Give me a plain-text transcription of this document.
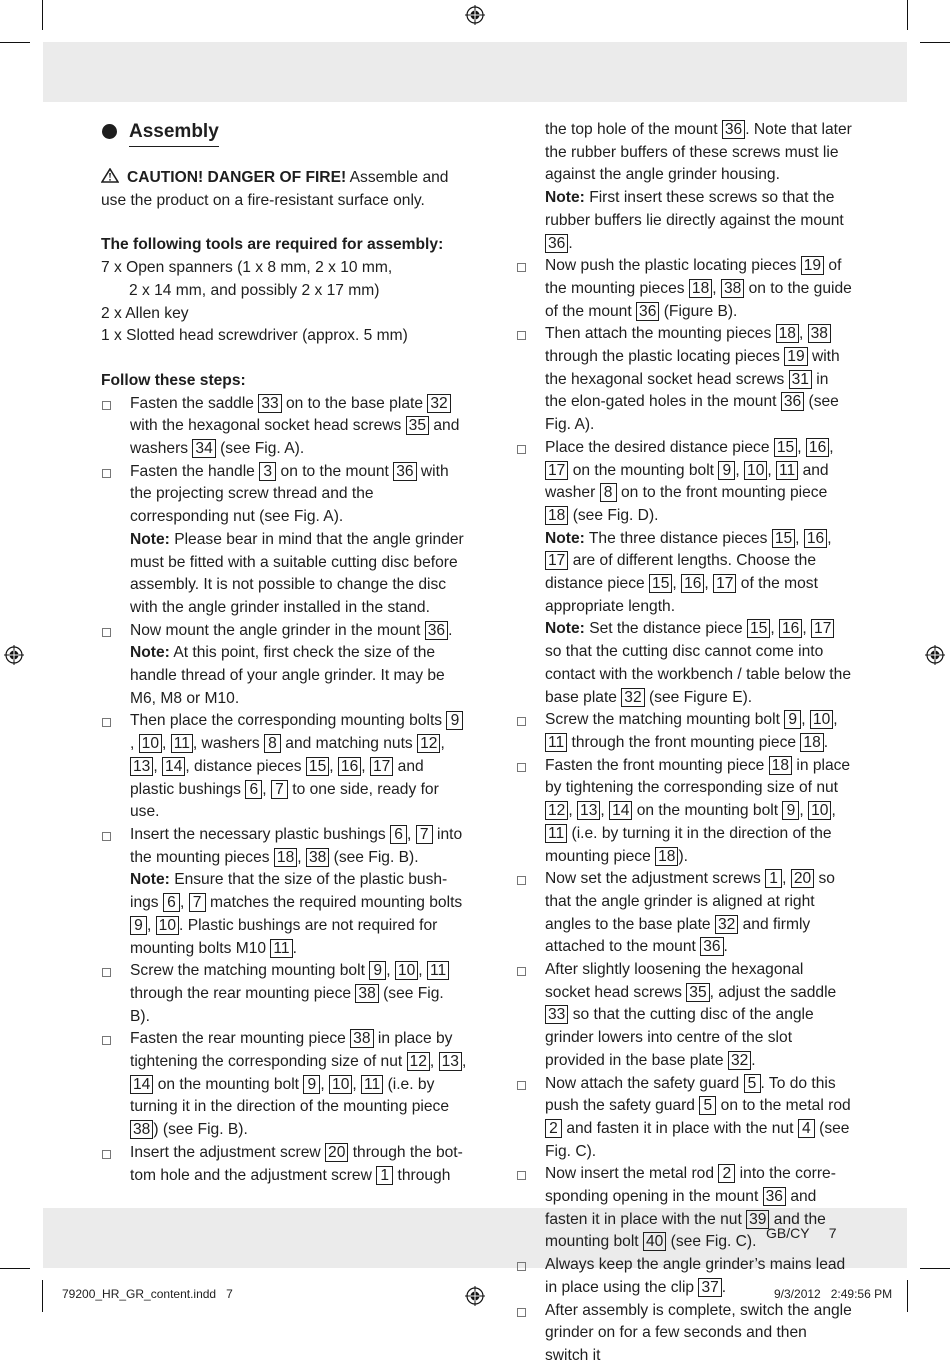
Assembly

CAUTION! DANGER OF FIRE! Assemble and use the product on a fire-resistant surface only.

The following tools are required for assembly:

7 x Open spanners (1 x 8 mm, 2 x 10 mm,
2 x 14 mm, and possibly 2 x 17 mm)
2 x Allen key
1 x Slotted head screwdriver (approx. 5 mm)

Follow these steps:

Fasten the saddle 33 on to the base plate 32 with the hexagonal socket head screws 35 and washers 34 (see Fig. A).
Fasten the handle 3 on to the mount 36 with the projecting screw thread and the corresponding nut (see Fig. A).
Note: Please bear in mind that the angle grinder must be fitted with a suitable cutting disc before assembly. It is not possible to change the disc with the angle grinder installed in the stand.
Now mount the angle grinder in the mount 36 .
Note: At this point, first check the size of the handle thread of your angle grinder. It may be M6, M8 or M10.
Then place the corresponding mounting bolts 9, 10 , 11 , washers 8 and matching nuts 12 , 13 , 14 , distance pieces 15 , 16 , 17 and plastic bushings 6 , 7 to one side, ready for use.
Insert the necessary plastic bushings 6 , 7 into the mounting pieces 18 , 38 (see Fig. B).
Note: Ensure that the size of the plastic bush-ings 6 , 7 matches the required mounting bolts 9 , 10 . Plastic bushings are not required for mounting bolts M10 11 .
Screw the matching mounting bolt 9 , 10 , 11 through the rear mounting piece 38 (see Fig. B).
Fasten the rear mounting piece 38 in place by tightening the corresponding size of nut 12 , 13 , 14 on the mounting bolt 9 , 10 , 11 (i.e. by turning it in the direction of the mounting piece 38 ) (see Fig. B).
Insert the adjustment screw 20 through the bot-tom hole and the adjustment screw 1 through
the top hole of the mount 36 . Note that later the rubber buffers of these screws must lie against the angle grinder housing.
Note: First insert these screws so that the rubber buffers lie directly against the mount 36 .
Now push the plastic locating pieces 19 of the mounting pieces 18 , 38 on to the guide of the mount 36 (Figure B).
Then attach the mounting pieces 18 , 38 through the plastic locating pieces 19 with the hexagonal socket head screws 31 in the elon-gated holes in the mount 36 (see Fig. A).
Place the desired distance piece 15 , 16 , 17 on the mounting bolt 9 , 10 , 11 and washer 8 on to the front mounting piece 18 (see Fig. D).
Note: The three distance pieces 15 , 16 , 17 are of different lengths. Choose the distance piece 15 , 16 , 17 of the most appropriate length.
Note: Set the distance piece 15 , 16 , 17 so that the cutting disc cannot come into contact with the workbench / table below the base plate 32 (see Figure E).
Screw the matching mounting bolt 9 , 10 , 11 through the front mounting piece 18 .
Fasten the front mounting piece 18 in place by tightening the corresponding size of nut 12 , 13 , 14 on the mounting bolt 9 , 10 , 11 (i.e. by turning it in the direction of the mounting piece 18 ).
Now set the adjustment screws 1 , 20 so that the angle grinder is aligned at right angles to the base plate 32 and firmly attached to the mount 36 .
After slightly loosening the hexagonal socket head screws 35 , adjust the saddle 33 so that the cutting disc of the angle grinder lowers into centre of the slot provided in the base plate 32 .
Now attach the safety guard 5 . To do this push the safety guard 5 on to the metal rod 2 and fasten it in place with the nut 4 (see Fig. C).
Now insert the metal rod 2 into the corre-sponding opening in the mount 36 and fasten it in place with the nut 39 and the mounting bolt 40 (see Fig. C).
Always keep the angle grinder’s mains lead in place using the clip 37 .
After assembly is complete, switch the angle grinder on for a few seconds and then switch it
GB/CY     7
79200_HR_GR_content.indd   7	9/3/2012   2:49:56 PM
